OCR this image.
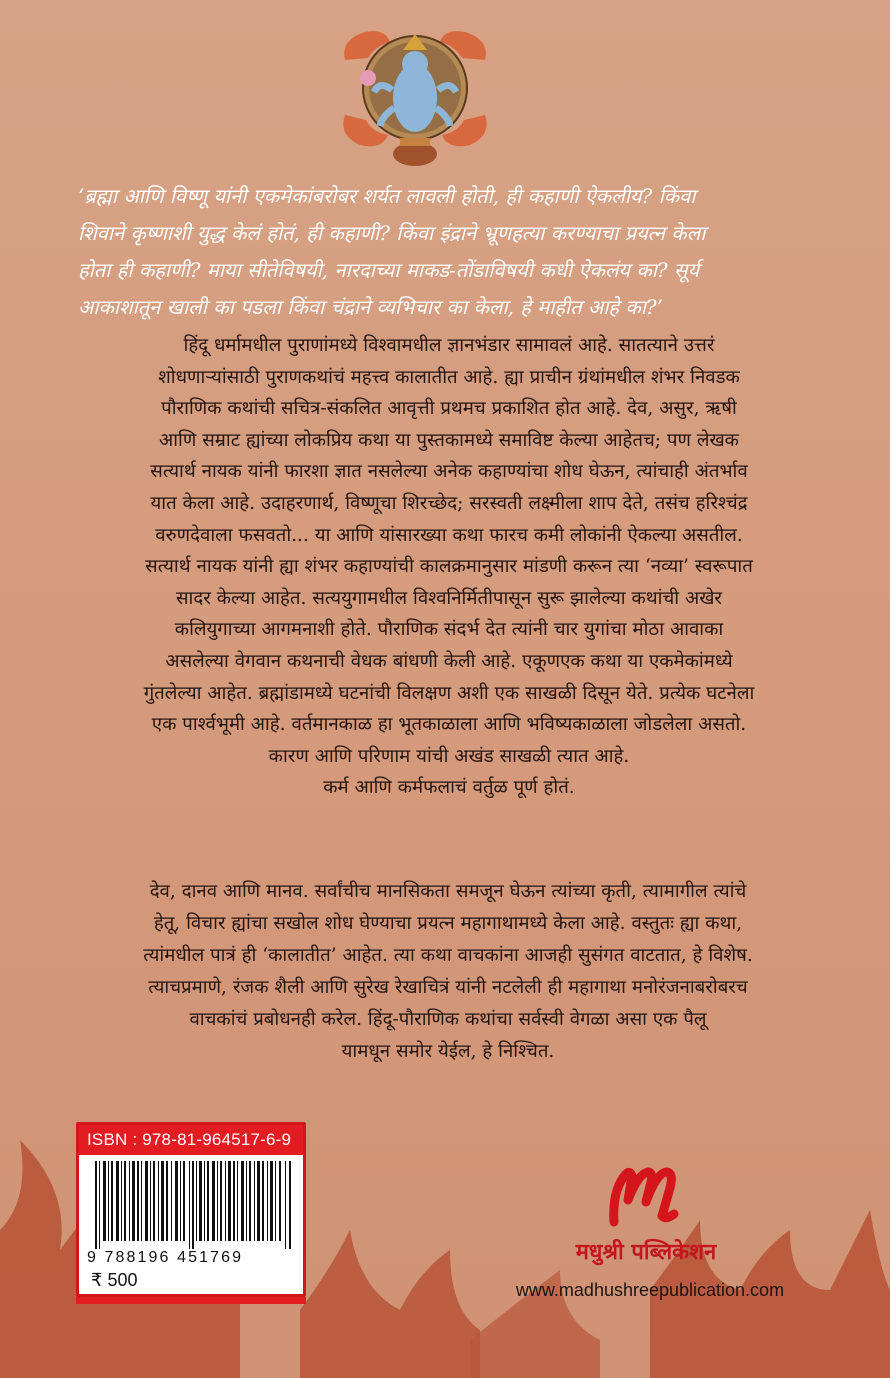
‘ब्रह्मा आणि विष्णू यांनी एकमेकांबरोबर शर्यत लावली होती, ही कहाणी ऐकलीय? किंवा
शिवाने कृष्णाशी युद्ध केलं होतं, ही कहाणी? किंवा इंद्राने भ्रूणहत्या करण्याचा प्रयत्न केला
होता ही कहाणी? माया सीतेविषयी, नारदाच्या माकड-तोंडाविषयी कधी ऐकलंय का? सूर्य
आकाशातून खाली का पडला किंवा चंद्राने व्यभिचार का केला, हे माहीत आहे का?’

हिंदू धर्मामधील पुराणांमध्ये विश्वामधील ज्ञानभंडार सामावलं आहे. सातत्याने उत्तरं

शोधणाऱ्यांसाठी पुराणकथांचं महत्त्व कालातीत आहे. ह्या प्राचीन ग्रंथांमधील शंभर निवडक

पौराणिक कथांची सचित्र-संकलित आवृत्ती प्रथमच प्रकाशित होत आहे. देव, असुर, ऋषी

आणि सम्राट ह्यांच्या लोकप्रिय कथा या पुस्तकामध्ये समाविष्ट केल्या आहेतच; पण लेखक

सत्यार्थ नायक यांनी फारशा ज्ञात नसलेल्या अनेक कहाण्यांचा शोध घेऊन, त्यांचाही अंतर्भाव

यात केला आहे. उदाहरणार्थ, विष्णूचा शिरच्छेद; सरस्वती लक्ष्मीला शाप देते, तसंच हरिश्चंद्र

वरुणदेवाला फसवतो... या आणि यांसारख्या कथा फारच कमी लोकांनी ऐकल्या असतील.

सत्यार्थ नायक यांनी ह्या शंभर कहाण्यांची कालक्रमानुसार मांडणी करून त्या ‘नव्या’ स्वरूपात

सादर केल्या आहेत. सत्ययुगामधील विश्वनिर्मितीपासून सुरू झालेल्या कथांची अखेर

कलियुगाच्या आगमनाशी होते. पौराणिक संदर्भ देत त्यांनी चार युगांचा मोठा आवाका

असलेल्या वेगवान कथनाची वेधक बांधणी केली आहे. एकूणएक कथा या एकमेकांमध्ये

गुंतलेल्या आहेत. ब्रह्मांडामध्ये घटनांची विलक्षण अशी एक साखळी दिसून येते. प्रत्येक घटनेला

एक पार्श्वभूमी आहे. वर्तमानकाळ हा भूतकाळाला आणि भविष्यकाळाला जोडलेला असतो.

कारण आणि परिणाम यांची अखंड साखळी त्यात आहे.

कर्म आणि कर्मफलाचं वर्तुळ पूर्ण होतं.

देव, दानव आणि मानव. सर्वांचीच मानसिकता समजून घेऊन त्यांच्या कृती, त्यामागील त्यांचे

हेतू, विचार ह्यांचा सखोल शोध घेण्याचा प्रयत्न महागाथामध्ये केला आहे. वस्तुतः ह्या कथा,

त्यांमधील पात्रं ही ‘कालातीत’ आहेत. त्या कथा वाचकांना आजही सुसंगत वाटतात, हे विशेष.

त्याचप्रमाणे, रंजक शैली आणि सुरेख रेखाचित्रं यांनी नटलेली ही महागाथा मनोरंजनाबरोबरच

वाचकांचं प्रबोधनही करेल. हिंदू-पौराणिक कथांचा सर्वस्वी वेगळा असा एक पैलू

यामधून समोर येईल, हे निश्चित.

ISBN : 978-81-964517-6-9
9 788196 451769
₹ 500
मधुश्री पब्लिकेशन
www.madhushreepublication.com
